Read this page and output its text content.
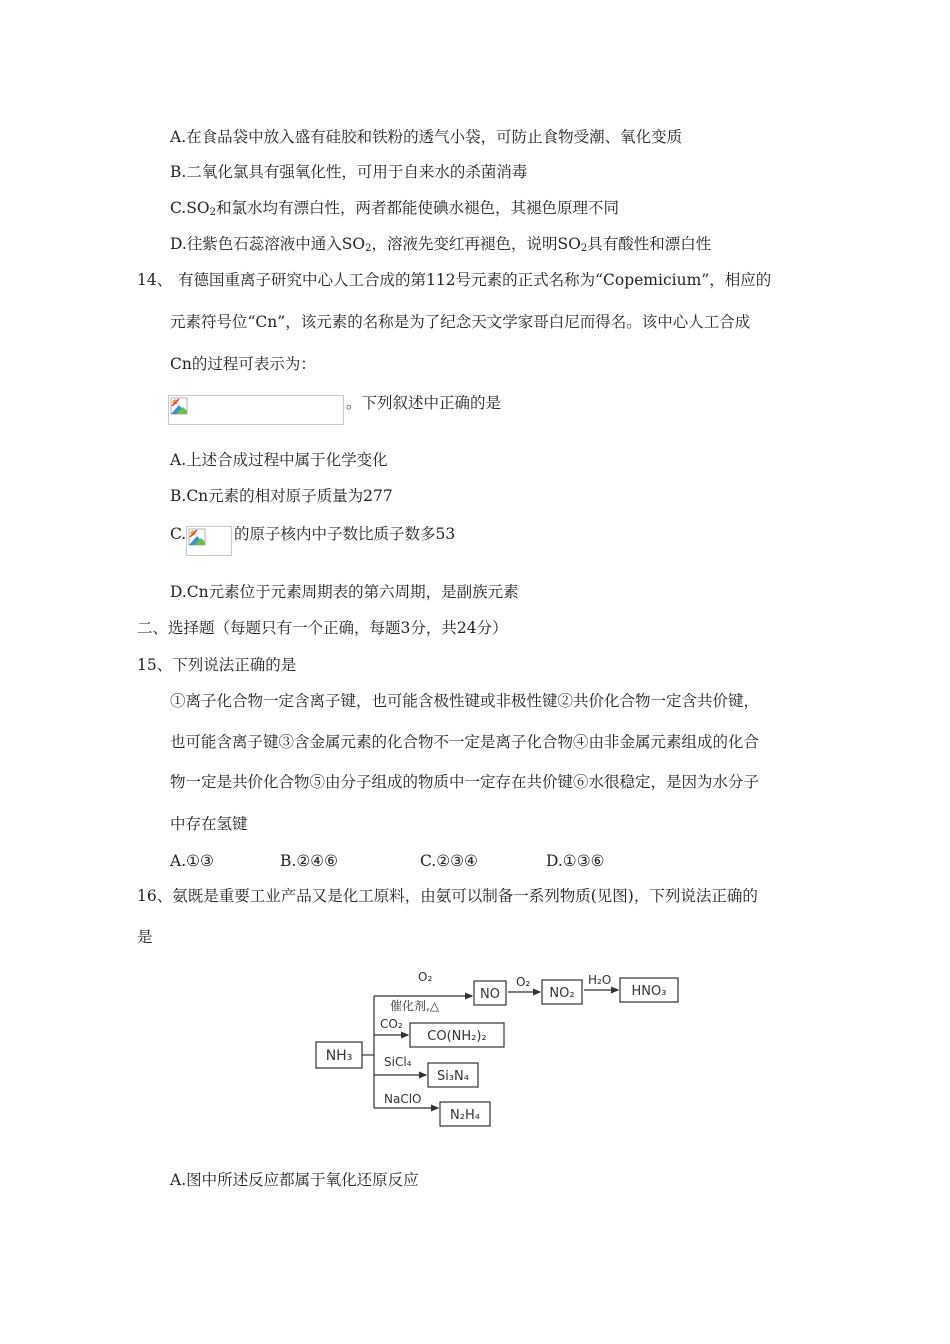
A.在食品袋中放入盛有硅胶和铁粉的透气小袋，可防止食物受潮、氧化变质
B.二氧化氯具有强氧化性，可用于自来水的杀菌消毒
$C.SO_2$和氯水均有漂白性，两者都能使碘水褪色，其褪色原理不同
D.往紫色石蕊溶液中通入$SO_2$，溶液先变红再褪色，说明$SO_2$具有酸性和漂白性
14、 有德国重离子研究中心人工合成的第112号元素的正式名称为“Copemicium”，相应的
元素符号位“Cn”，该元素的名称是为了纪念天文学家哥白尼而得名。该中心人工合成
Cn的过程可表示为：
。下列叙述中正确的是
A.上述合成过程中属于化学变化
B.Cn元素的相对原子质量为277
C.	的原子核内中子数比质子数多53
D.Cn元素位于元素周期表的第六周期，是副族元素
二、选择题（每题只有一个正确，每题3分，共24分）
15、下列说法正确的是
①离子化合物一定含离子键，也可能含极性键或非极性键②共价化合物一定含共价键，
也可能含离子键③含金属元素的化合物不一定是离子化合物④由非金属元素组成的化合
物一定是共价化合物⑤由分子组成的物质中一定存在共价键⑥水很稳定，是因为水分子
中存在氢键
A.①③	B.②④⑥	C.②③④	D.①③⑥
16、氨既是重要工业产品又是化工原料，由氨可以制备一系列物质(见图)，下列说法正确的
是
NH₃
O₂
催化剂,△
NO
O₂
NO₂
H₂O
HNO₃
CO₂
CO(NH₂)₂
SiCl₄
Si₃N₄
NaClO
N₂H₄
A.图中所述反应都属于氧化还原反应
